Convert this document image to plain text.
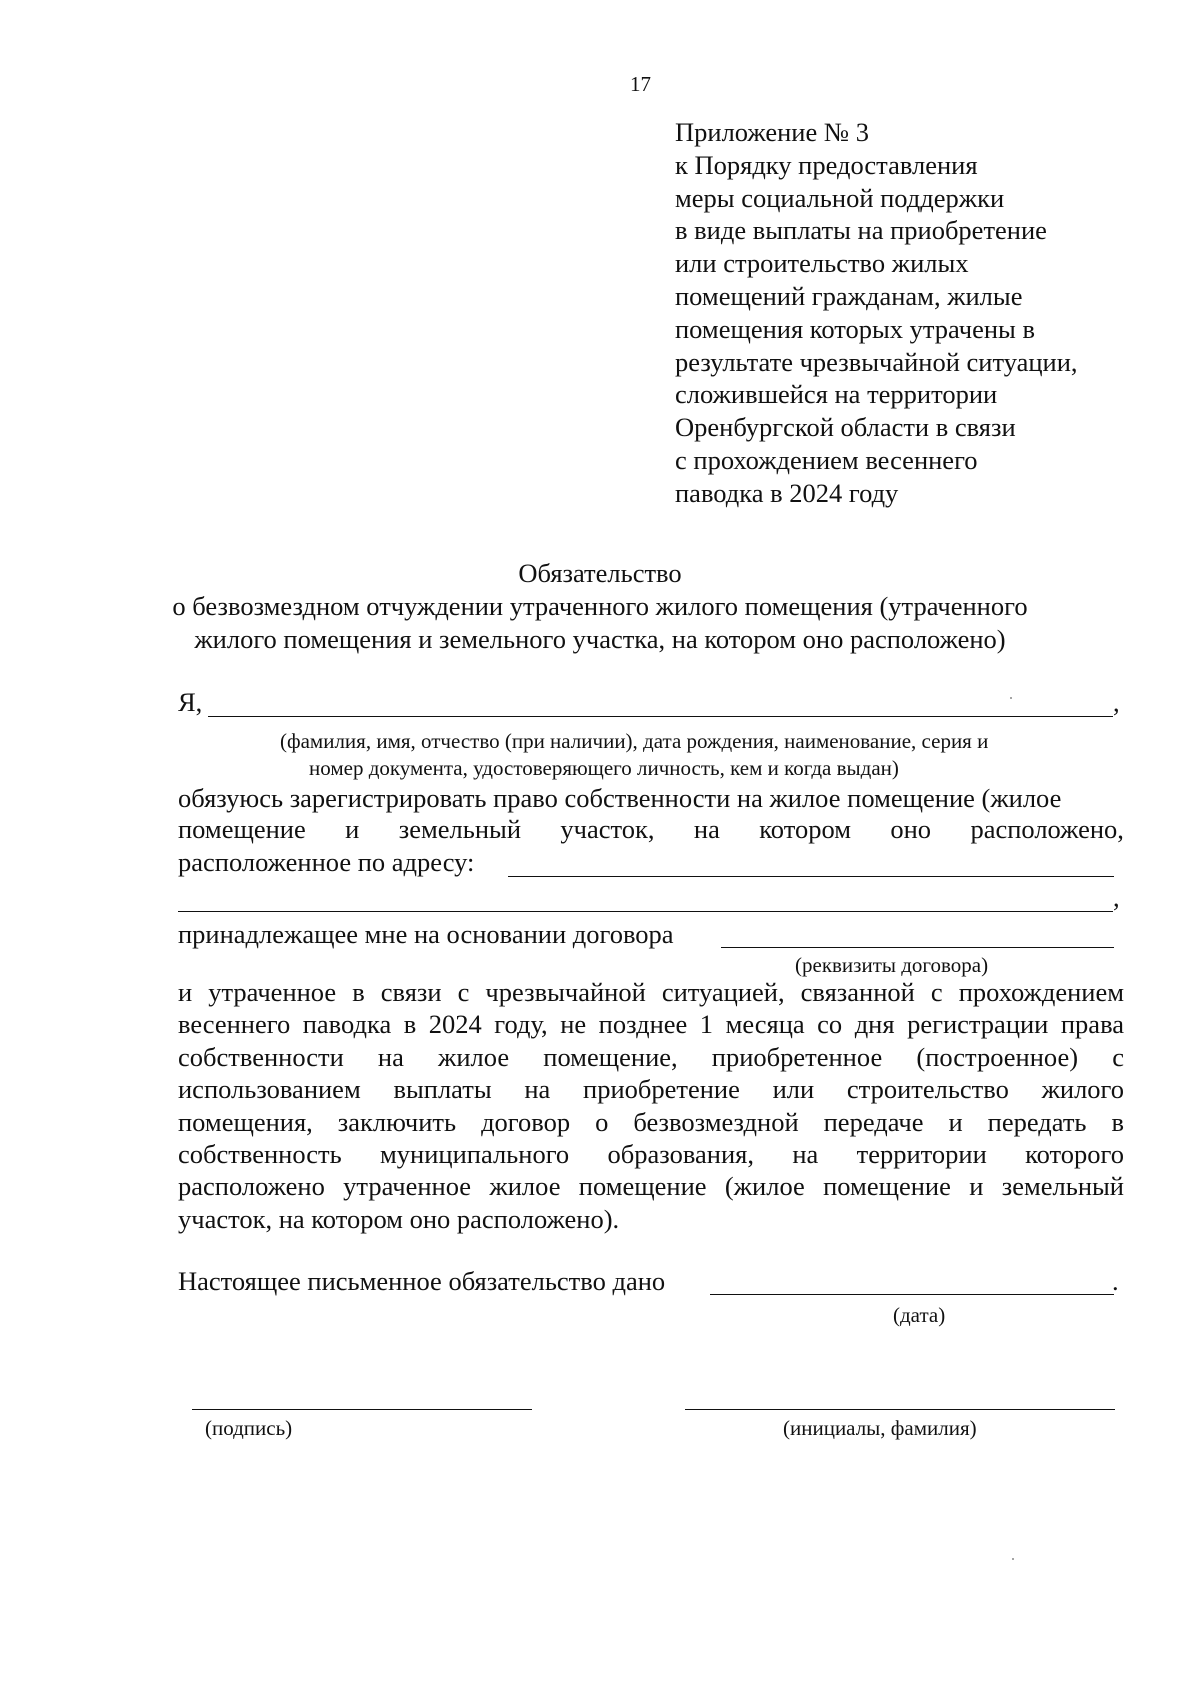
17
Приложение № 3
к Порядку предоставления
меры социальной поддержки
в виде выплаты на приобретение
или строительство жилых
помещений гражданам, жилые
помещения которых утрачены в
результате чрезвычайной ситуации,
сложившейся на территории
Оренбургской области в связи
с прохождением весеннего
паводка в 2024 году
Обязательство
о безвозмездном отчуждении утраченного жилого помещения (утраченного
жилого помещения и земельного участка, на котором оно расположено)
Я,	,
(фамилия, имя, отчество (при наличии), дата рождения, наименование, серия и
номер документа, удостоверяющего личность, кем и когда выдан)
обязуюсь зарегистрировать право собственности на жилое помещение (жилое
помещение и земельный участок, на котором оно расположено,
расположенное по адресу:
,
принадлежащее мне на основании договора
(реквизиты договора)
и утраченное в связи с чрезвычайной ситуацией, связанной с прохождением
весеннего паводка в 2024 году, не позднее 1 месяца со дня регистрации права
собственности на жилое помещение, приобретенное (построенное) с
использованием выплаты на приобретение или строительство жилого
помещения, заключить договор о безвозмездной передаче и передать в
собственность муниципального образования, на территории которого
расположено утраченное жилое помещение (жилое помещение и земельный
участок, на котором оно расположено).
Настоящее письменное обязательство дано	.
(дата)
(подпись)	(инициалы, фамилия)
